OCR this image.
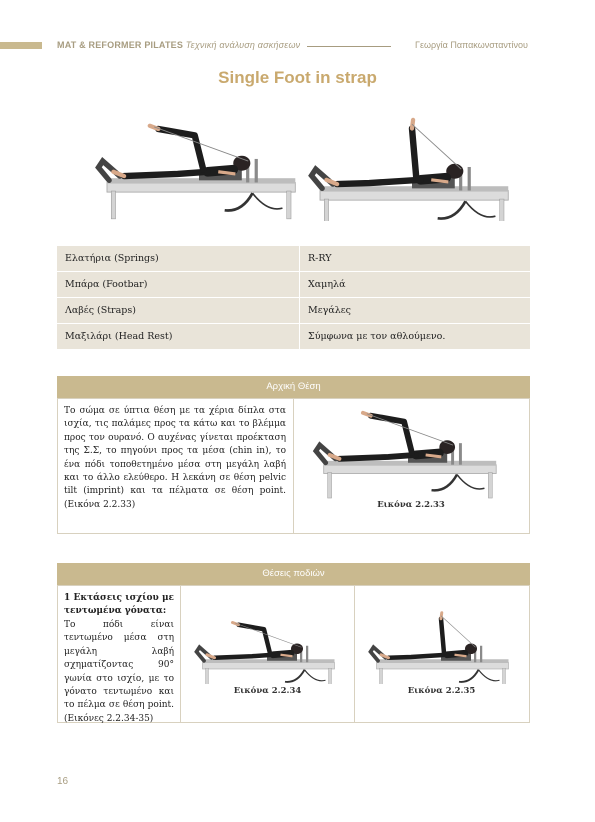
MAT & REFORMER PILATES Τεχνική ανάλυση ασκήσεων	Γεωργία Παπακωνσταντίνου
Single Foot in strap
Ελατήρια (Springs)	R-RY
Μπάρα (Footbar)	Χαμηλά
Λαβές (Straps)	Μεγάλες
Μαξιλάρι (Head Rest)	Σύμφωνα με τον αθλούμενο.
Αρχική Θέση
Το σώμα σε ύπτια θέση με τα χέρια δίπλα στα ισχία, τις παλάμες προς τα κάτω και το βλέμμα προς τον ουρανό. Ο αυχένας γίνεται προέκταση της Σ.Σ, το πηγούνι προς τα μέσα (chin in), το ένα πόδι τοποθετημένο μέσα στη μεγάλη λαβή και το άλλο ελεύθερο. Η λεκάνη σε θέση pelvic tilt (imprint) και τα πέλματα σε θέση point. (Εικόνα 2.2.33)	Εικόνα 2.2.33
Θέσεις ποδιών
1 Εκτάσεις ισχίου με τεντωμένα γόνατα:
Το πόδι είναι τεντωμένο μέσα στη μεγάλη λαβή σχηματίζοντας 90° γωνία στο ισχίο, με το γόνατο τεντωμένο και το πέλμα σε θέση point. (Εικόνες 2.2.34-35)
Εικόνα 2.2.34	Εικόνα 2.2.35
16
